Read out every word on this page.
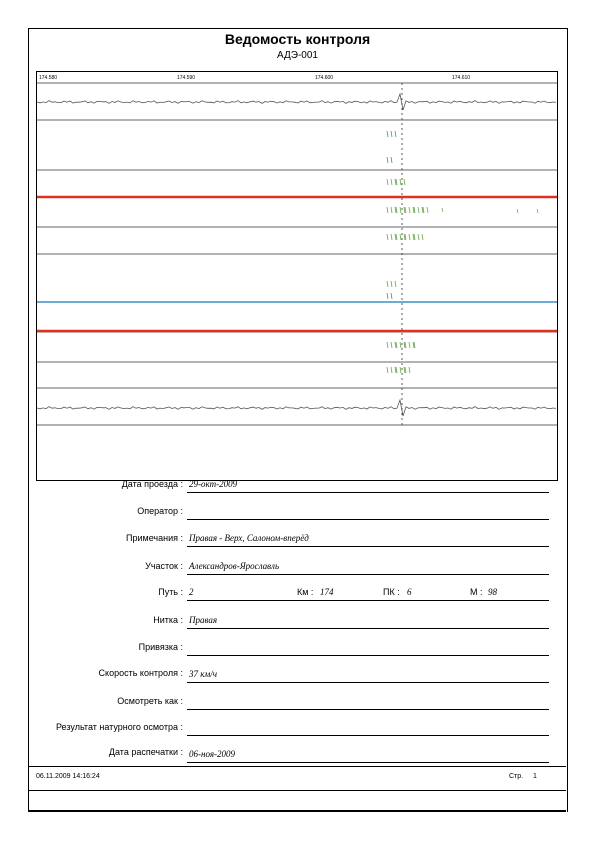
Ведомость контроля
АДЭ-001
174.580	174.590	174.600	174.610
Дата проезда : 29-окт-2009
Оператор :
Примечания : Правая - Верх, Салоном-вперёд
Участок : Александров-Ярославль
Путь : 2	Км : 174	ПК : 6	М : 98
Нитка : Правая
Привязка :
Скорость контроля : 37 км/ч
Осмотреть как :
Результат натурного осмотра :
Дата распечатки : 06-ноя-2009
06.11.2009 14:16:24	Стр. 1
